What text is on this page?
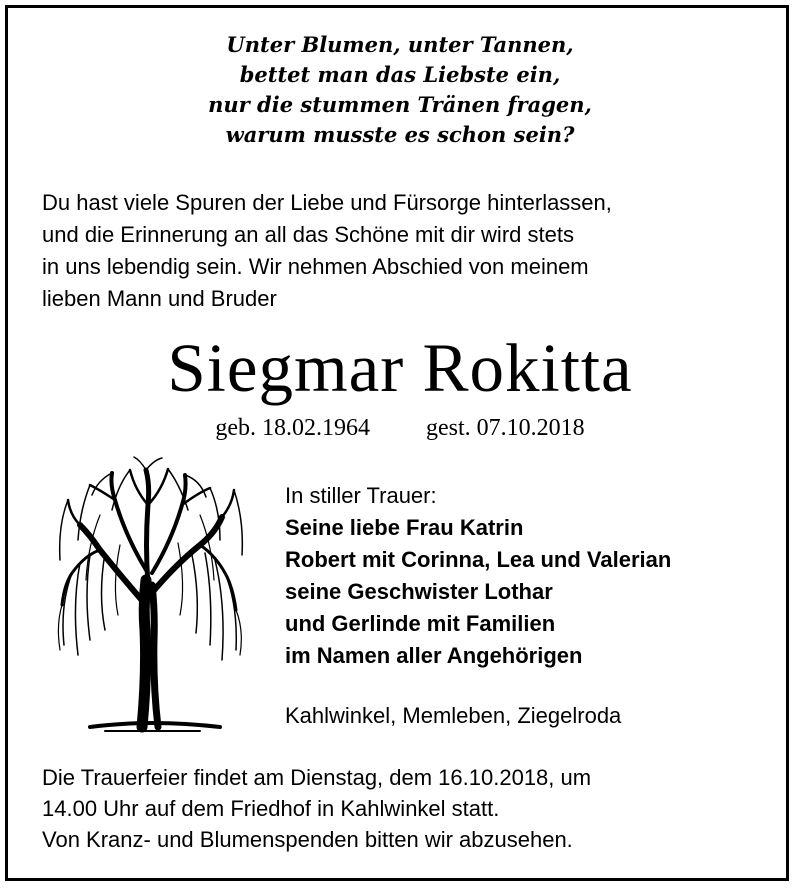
Unter Blumen, unter Tannen,
bettet man das Liebste ein,
nur die stummen Tränen fragen,
warum musste es schon sein?
Du hast viele Spuren der Liebe und Fürsorge hinterlassen,
und die Erinnerung an all das Schöne mit dir wird stets
in uns lebendig sein. Wir nehmen Abschied von meinem
lieben Mann und Bruder
Siegmar Rokitta
geb. 18.02.1964 gest. 07.10.2018
In stiller Trauer:
Seine liebe Frau Katrin
Robert mit Corinna, Lea und Valerian
seine Geschwister Lothar
und Gerlinde mit Familien
im Namen aller Angehörigen
Kahlwinkel, Memleben, Ziegelroda
Die Trauerfeier findet am Dienstag, dem 16.10.2018, um
14.00 Uhr auf dem Friedhof in Kahlwinkel statt.
Von Kranz- und Blumenspenden bitten wir abzusehen.
